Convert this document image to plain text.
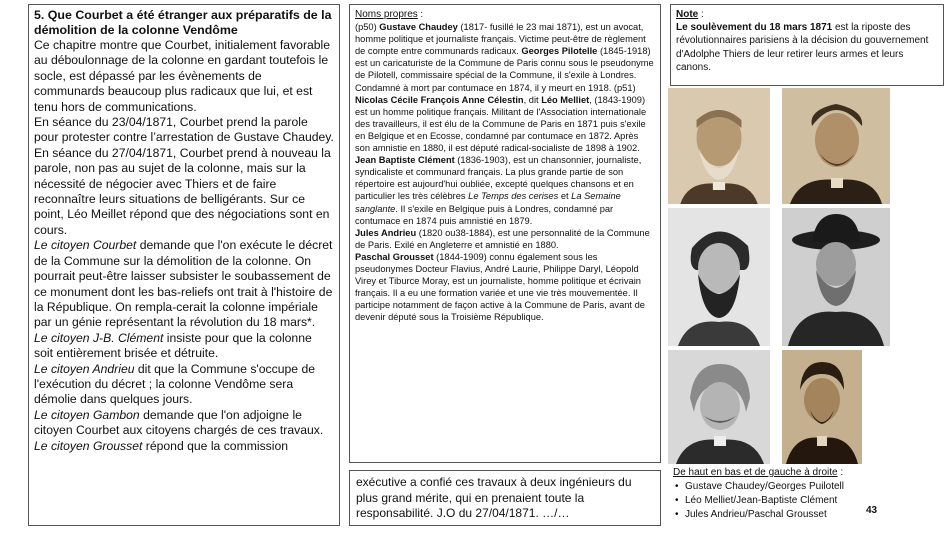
5. Que Courbet a été étranger aux préparatifs de la démolition de la colonne Vendôme

Ce chapitre montre que Courbet, initialement favorable au déboulonnage de la colonne en gardant toutefois le socle, est dépassé par les évènements de communards beaucoup plus radicaux que lui, et est tenu hors de communications.

En séance du 23/04/1871, Courbet prend la parole pour protester contre l’arrestation de Gustave Chaudey.

En séance du 27/04/1871, Courbet prend à nouveau la parole, non pas au sujet de la colonne, mais sur la nécessité de négocier avec Thiers et de faire reconnaître leurs situations de belligérants. Sur ce point, Léo Meillet répond que des négociations sont en cours.

Le citoyen Courbet demande que l'on exécute le décret de la Commune sur la démolition de la colonne. On pourrait peut-être laisser subsister le soubassement de ce monument dont les bas-reliefs ont trait à l'histoire de la République. On rempla-cerait la colonne impériale par un génie représentant la révolution du 18 mars*.

Le citoyen J-B. Clément insiste pour que la colonne soit entièrement brisée et détruite.

Le citoyen Andrieu dit que la Commune s'occupe de l'exécution du décret ; la colonne Vendôme sera démolie dans quelques jours.

Le citoyen Gambon demande que l'on adjoigne le citoyen Courbet aux citoyens chargés de ces travaux.

Le citoyen Grousset répond que la commission

Noms propres :

(p50) Gustave Chaudey (1817- fusillé le 23 mai 1871), est un avocat, homme politique et journaliste français. Victime peut-être de règlement de compte entre communards radicaux. Georges Pilotelle (1845-1918) est un caricaturiste de la Commune de Paris connu sous le pseudonyme de Pilotell, commissaire spécial de la Commune, il s'exile à Londres. Condamné à mort par contumace en 1874, il y meurt en 1918. (p51) Nicolas Cécile François Anne Célestin, dit Léo Melliet, (1843-1909) est un homme politique français. Militant de l'Association internationale des travailleurs, il est élu de la Commune de Paris en 1871 puis s'exile en Belgique et en Ecosse, condamné par contumace en 1872. Après son amnistie en 1880, il est député radical-socialiste de 1898 à 1902.

Jean Baptiste Clément (1836-1903), est un chansonnier, journaliste, syndicaliste et communard français. La plus grande partie de son répertoire est aujourd'hui oubliée, excepté quelques chansons et en particulier les très célèbres Le Temps des cerises et La Semaine sanglante. Il s'exile en Belgique puis à Londres, condamné par contumace en 1874 puis amnistié en 1879.

Jules Andrieu (1820 ou38-1884), est une personnalité de la Commune de Paris. Exilé en Angleterre et amnistié en 1880.

Paschal Grousset (1844-1909) connu également sous les pseudonymes Docteur Flavius, André Laurie, Philippe Daryl, Léopold Virey et Tiburce Moray, est un journaliste, homme politique et écrivain français. Il a eu une formation variée et une vie très mouvementée. Il participe notamment de façon active à la Commune de Paris, avant de devenir député sous la Troisième République.

exécutive a confié ces travaux à deux ingénieurs du plus grand mérite, qui en prenaient toute la responsabilité. J.O du 27/04/1871. …/…
Note :
Le soulèvement du 18 mars 1871 est la riposte des révolutionnaires parisiens à la décision du gouvernement d'Adolphe Thiers de leur retirer leurs armes et leurs canons.
De haut en bas et de gauche à droite :
• Gustave Chaudey/Georges Puilotell
• Léo Melliet/Jean-Baptiste Clément
• Jules Andrieu/Paschal Grousset	43
